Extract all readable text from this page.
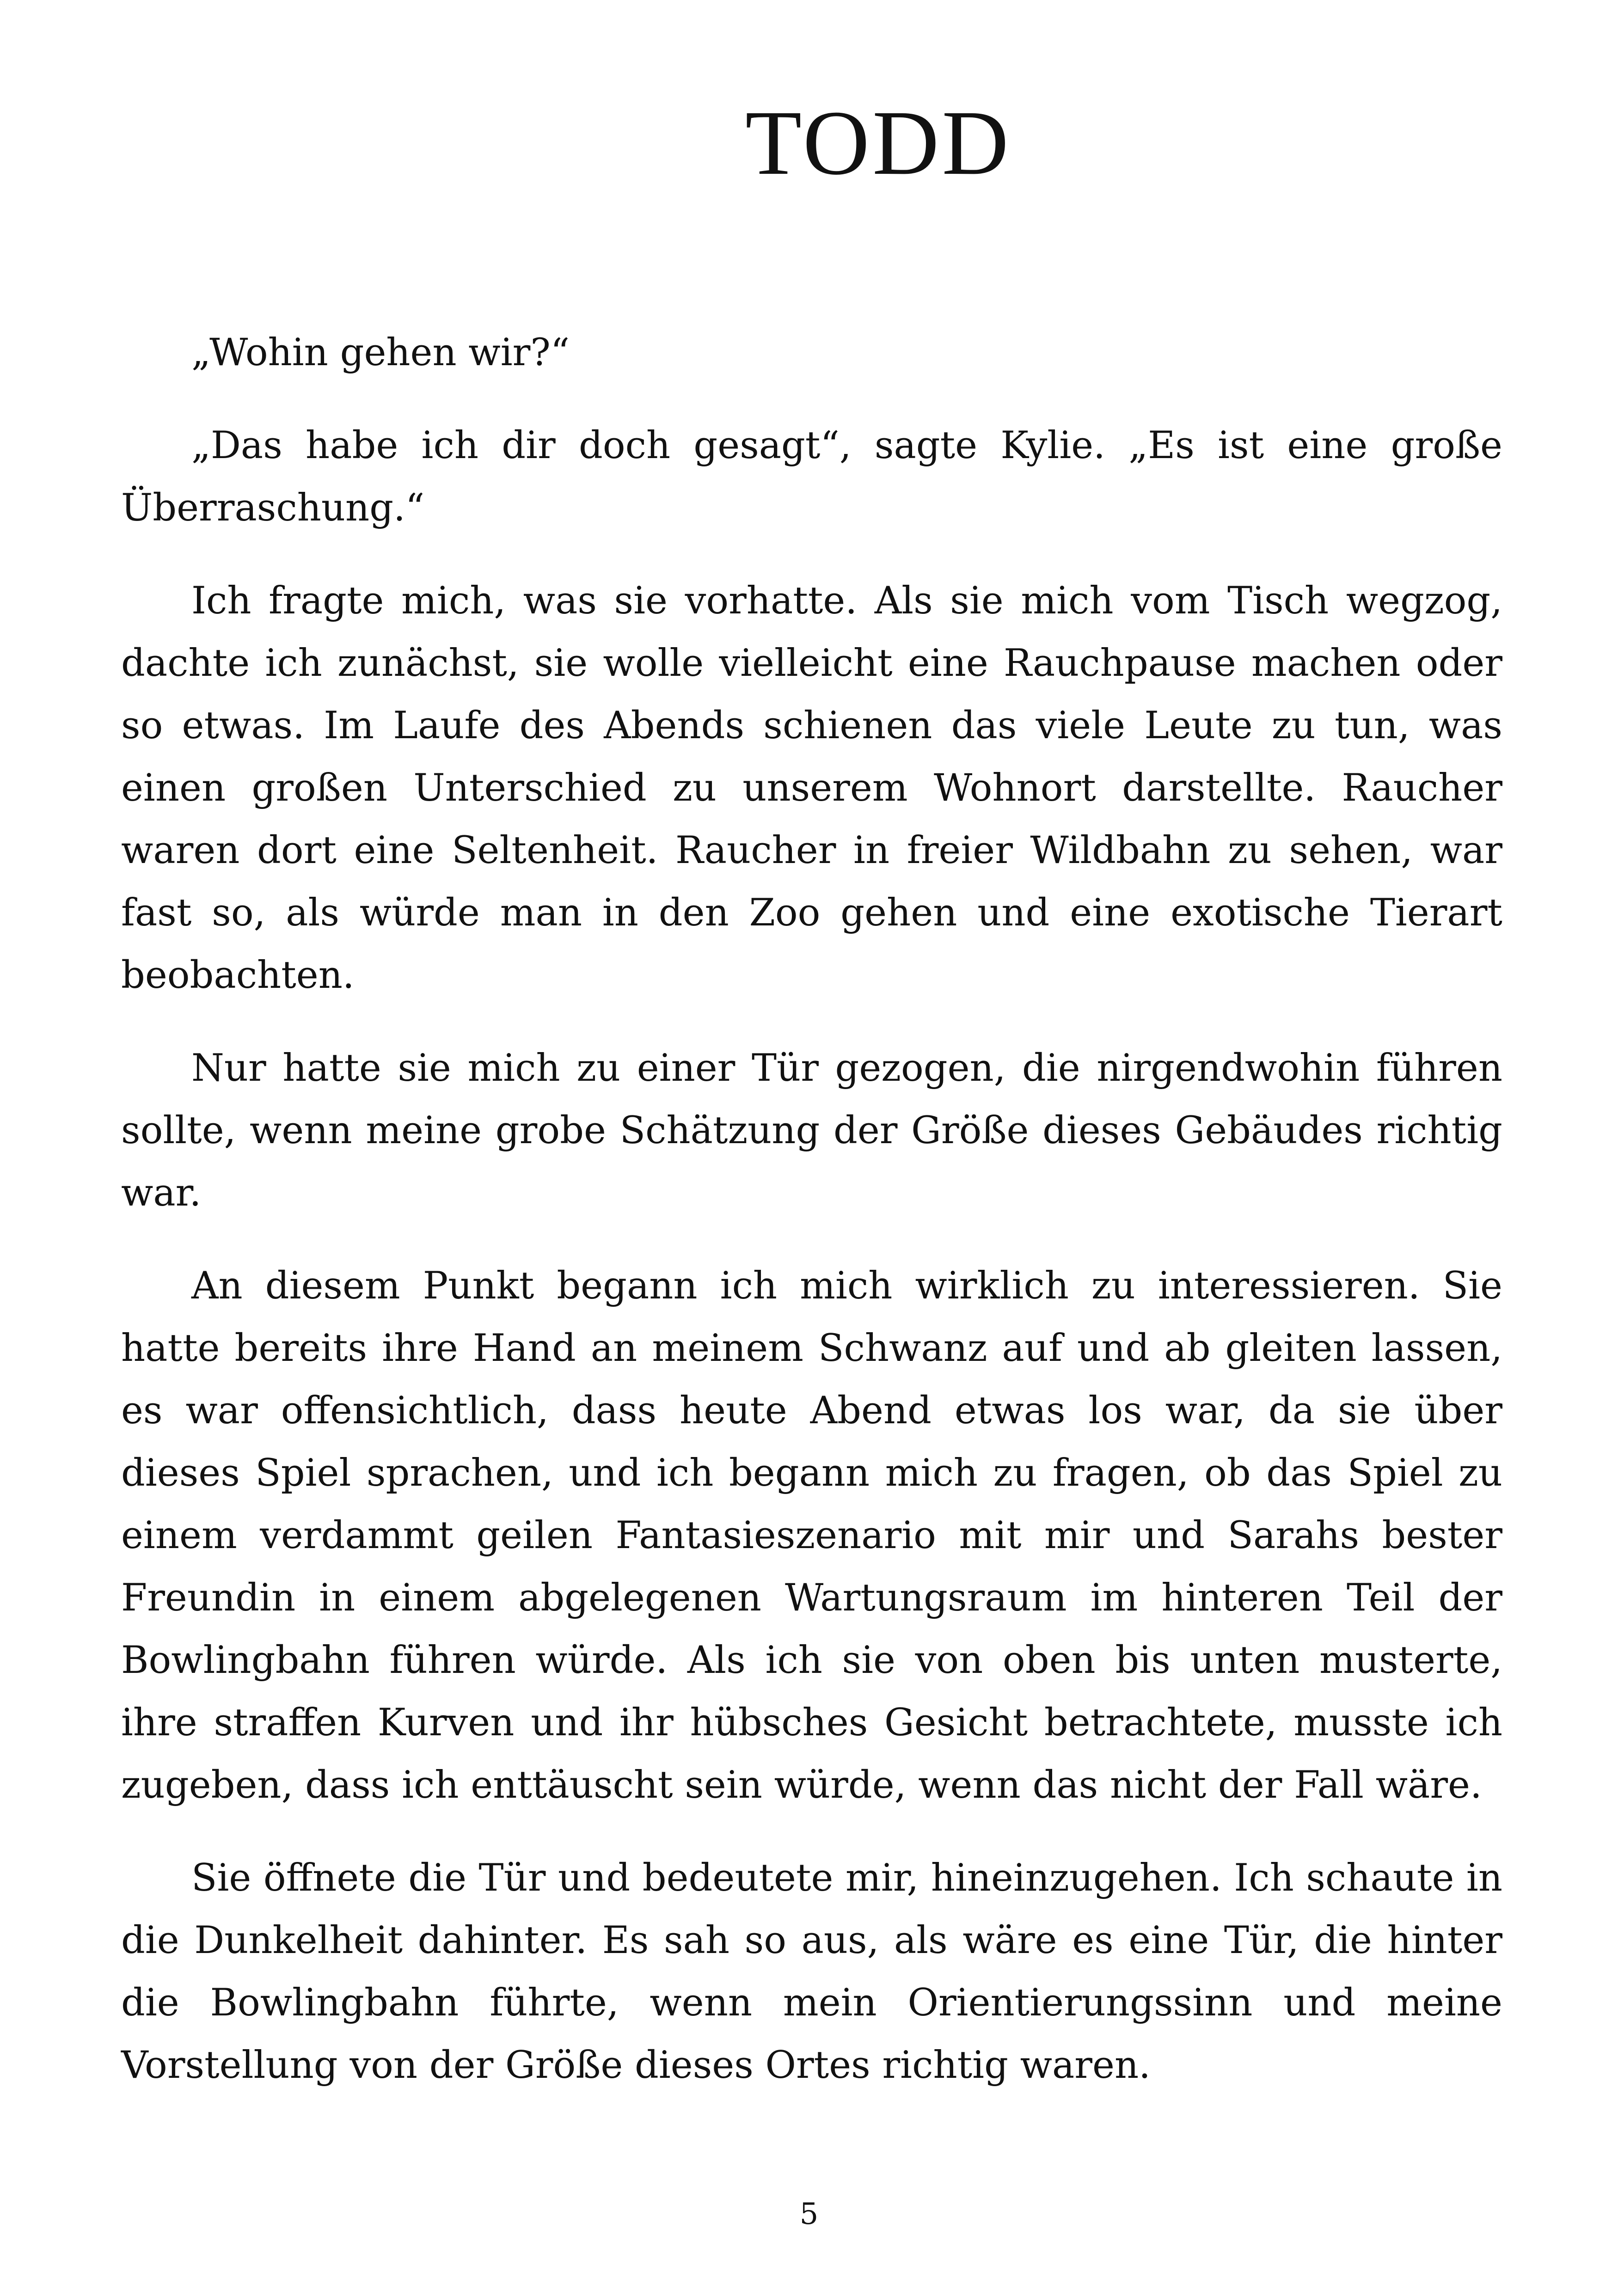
TODD

„Wohin gehen wir?“

„Das habe ich dir doch gesagt“, sagte Kylie. „Es ist eine große Überraschung.“

Ich fragte mich, was sie vorhatte. Als sie mich vom Tisch wegzog, dachte ich zunächst, sie wolle vielleicht eine Rauchpause machen oder so etwas. Im Laufe des Abends schienen das viele Leute zu tun, was einen großen Unterschied zu unserem Wohnort darstellte. Raucher waren dort eine Seltenheit. Raucher in freier Wildbahn zu sehen, war fast so, als würde man in den Zoo gehen und eine exotische Tierart beobachten.

Nur hatte sie mich zu einer Tür gezogen, die nirgendwohin führen sollte, wenn meine grobe Schätzung der Größe dieses Gebäudes richtig war.

An diesem Punkt begann ich mich wirklich zu interessieren. Sie hatte bereits ihre Hand an meinem Schwanz auf und ab gleiten lassen, es war offensichtlich, dass heute Abend etwas los war, da sie über dieses Spiel sprachen, und ich begann mich zu fragen, ob das Spiel zu einem verdammt geilen Fantasieszenario mit mir und Sarahs bester Freundin in einem abgelegenen Wartungsraum im hinteren Teil der Bowlingbahn führen würde. Als ich sie von oben bis unten musterte, ihre straffen Kurven und ihr hübsches Gesicht betrachtete, musste ich zugeben, dass ich enttäuscht sein würde, wenn das nicht der Fall wäre.

Sie öffnete die Tür und bedeutete mir, hineinzugehen. Ich schaute in die Dunkelheit dahinter. Es sah so aus, als wäre es eine Tür, die hinter die Bowlingbahn führte, wenn mein Orientierungssinn und meine Vorstellung von der Größe dieses Ortes richtig waren.

5
